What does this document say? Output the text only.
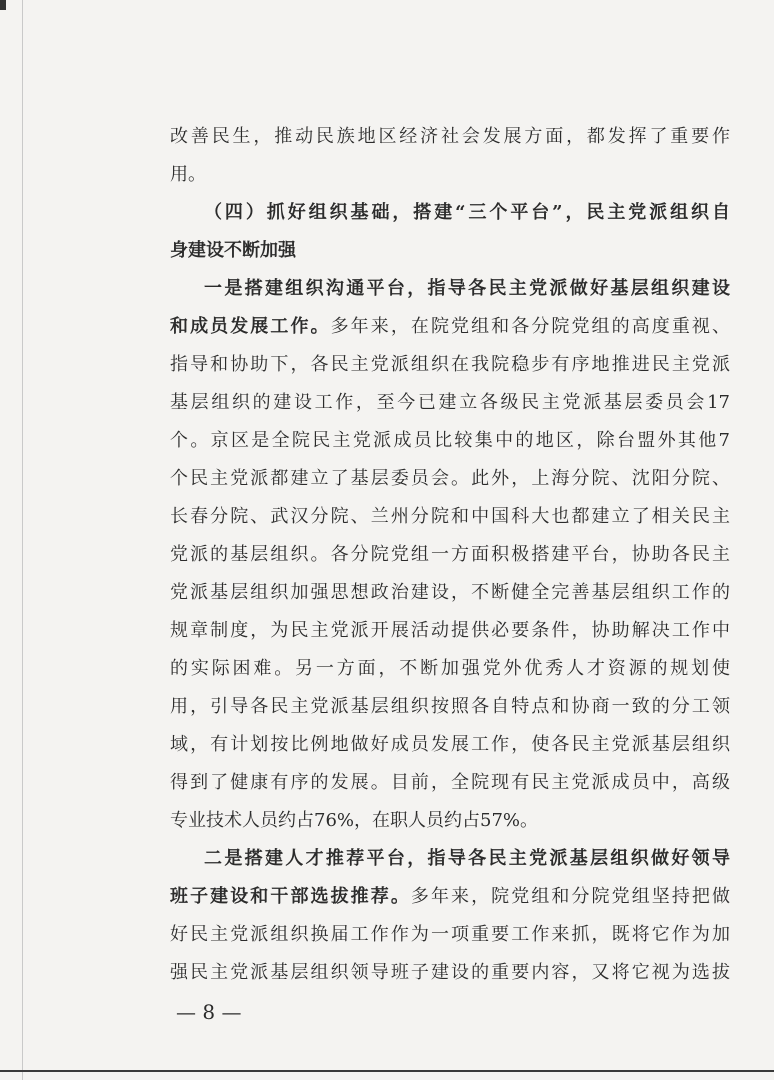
改善民生，推动民族地区经济社会发展方面，都发挥了重要作
用。
（四）抓好组织基础，搭建“三个平台”，民主党派组织自
身建设不断加强
一是搭建组织沟通平台，指导各民主党派做好基层组织建设
和成员发展工作。多年来，在院党组和各分院党组的高度重视、
指导和协助下，各民主党派组织在我院稳步有序地推进民主党派
基层组织的建设工作，至今已建立各级民主党派基层委员会17
个。京区是全院民主党派成员比较集中的地区，除台盟外其他7
个民主党派都建立了基层委员会。此外，上海分院、沈阳分院、
长春分院、武汉分院、兰州分院和中国科大也都建立了相关民主
党派的基层组织。各分院党组一方面积极搭建平台，协助各民主
党派基层组织加强思想政治建设，不断健全完善基层组织工作的
规章制度，为民主党派开展活动提供必要条件，协助解决工作中
的实际困难。另一方面，不断加强党外优秀人才资源的规划使
用，引导各民主党派基层组织按照各自特点和协商一致的分工领
域，有计划按比例地做好成员发展工作，使各民主党派基层组织
得到了健康有序的发展。目前，全院现有民主党派成员中，高级
专业技术人员约占76%，在职人员约占57%。
二是搭建人才推荐平台，指导各民主党派基层组织做好领导
班子建设和干部选拔推荐。多年来，院党组和分院党组坚持把做
好民主党派组织换届工作作为一项重要工作来抓，既将它作为加
强民主党派基层组织领导班子建设的重要内容，又将它视为选拔
— 8 —
